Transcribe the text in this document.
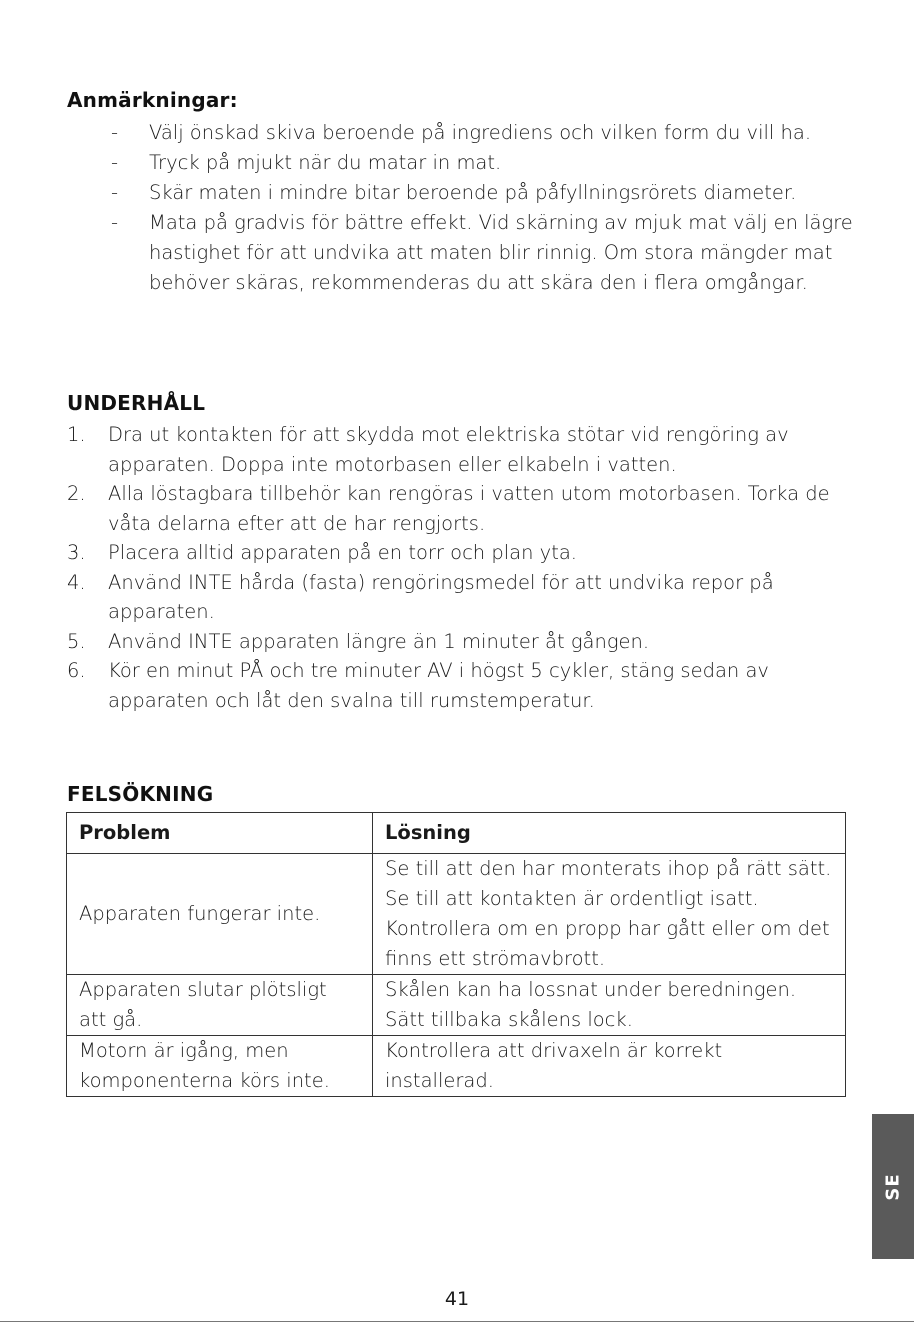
Anmärkningar:
- Välj önskad skiva beroende på ingrediens och vilken form du vill ha.
- Tryck på mjukt när du matar in mat.
- Skär maten i mindre bitar beroende på påfyllningsrörets diameter.
- Mata på gradvis för bättre effekt. Vid skärning av mjuk mat välj en lägre hastighet för att undvika att maten blir rinnig. Om stora mängder mat behöver skäras, rekommenderas du att skära den i flera omgångar.
UNDERHÅLL
1. Dra ut kontakten för att skydda mot elektriska stötar vid rengöring av apparaten. Doppa inte motorbasen eller elkabeln i vatten.
2. Alla löstagbara tillbehör kan rengöras i vatten utom motorbasen. Torka de våta delarna efter att de har rengjorts.
3. Placera alltid apparaten på en torr och plan yta.
4. Använd INTE hårda (fasta) rengöringsmedel för att undvika repor på apparaten.
5. Använd INTE apparaten längre än 1 minuter åt gången.
6. Kör en minut PÅ och tre minuter AV i högst 5 cykler, stäng sedan av apparaten och låt den svalna till rumstemperatur.
FELSÖKNING
Problem	Lösning
Apparaten fungerar inte.	Se till att den har monterats ihop på rätt sätt.
Se till att kontakten är ordentligt isatt.
Kontrollera om en propp har gått eller om det finns ett strömavbrott.

Apparaten slutar plötsligt att gå.	Skålen kan ha lossnat under beredningen.
Sätt tillbaka skålens lock.

Motorn är igång, men komponenterna körs inte.	Kontrollera att drivaxeln är korrekt installerad.
SE
41
